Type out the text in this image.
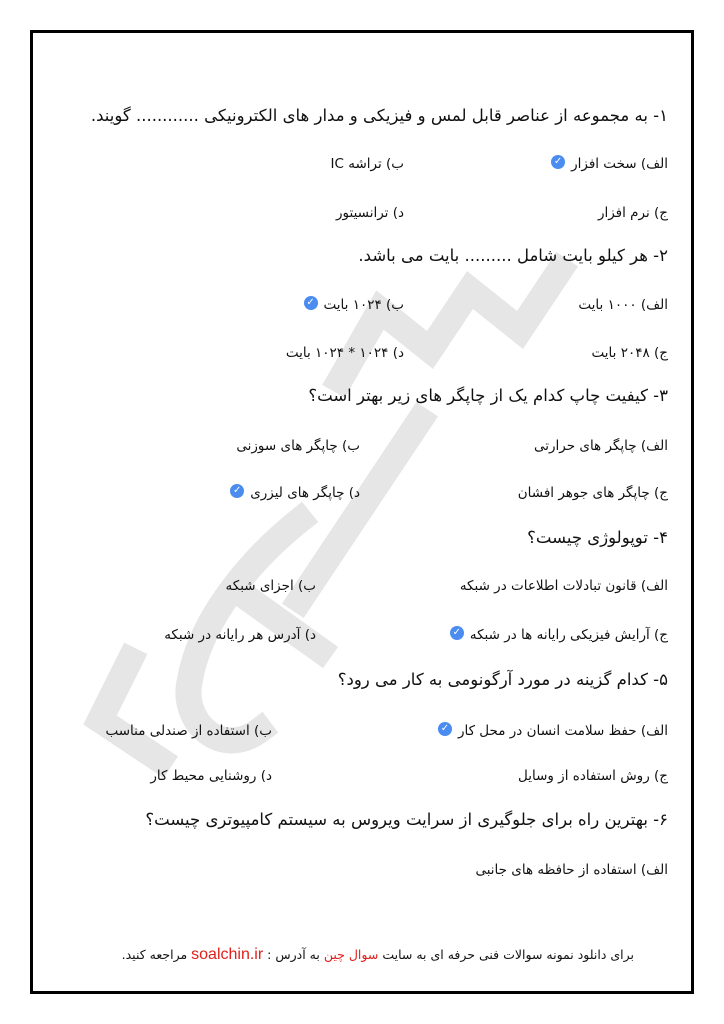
۱- به مجموعه از عناصر قابل لمس و فیزیکی و مدار های الکترونیکی ............ گویند.
الف) سخت افزار✓
ب) تراشه IC
ج) نرم افزار
د) ترانسیتور
۲- هر کیلو بایت شامل ......... بایت می باشد.
الف) ۱۰۰۰ بایت
ب) ۱۰۲۴ بایت✓
ج) ۲۰۴۸ بایت
د) ۱۰۲۴ * ۱۰۲۴ بایت
۳- کیفیت چاپ کدام یک از چاپگر های زیر بهتر است؟
الف) چاپگر های حرارتی
ب) چاپگر های سوزنی
ج) چاپگر های جوهر افشان
د) چاپگر های لیزری✓
۴- توپولوژی چیست؟
الف) قانون تبادلات اطلاعات در شبکه
ب) اجزای شبکه
ج) آرایش فیزیکی رایانه ها در شبکه✓
د) آدرس هر رایانه در شبکه
۵- کدام گزینه در مورد آرگونومی به کار می رود؟
الف) حفظ سلامت انسان در محل کار✓
ب) استفاده از صندلی مناسب
ج) روش استفاده از وسایل
د) روشنایی محیط کار
۶- بهترین راه برای جلوگیری از سرایت ویروس به سیستم کامپیوتری چیست؟
الف) استفاده از حافظه های جانبی
برای دانلود نمونه سوالات فنی حرفه ای به سایت سوال چین به آدرس : soalchin.ir مراجعه کنید.
